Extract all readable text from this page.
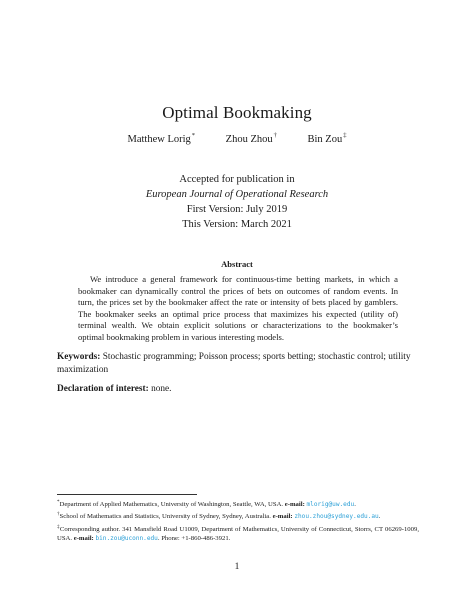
Optimal Bookmaking
Matthew Lorig*	Zhou Zhou†	Bin Zou‡
Accepted for publication in
European Journal of Operational Research
First Version: July 2019
This Version: March 2021
Abstract
We introduce a general framework for continuous-time betting markets, in which a bookmaker can dynamically control the prices of bets on outcomes of random events. In turn, the prices set by the bookmaker affect the rate or intensity of bets placed by gamblers. The bookmaker seeks an optimal price process that maximizes his expected (utility of) terminal wealth. We obtain explicit solutions or characterizations to the bookmaker’s optimal bookmaking problem in various interesting models.
Keywords: Stochastic programming; Poisson process; sports betting; stochastic control; utility maximization
Declaration of interest: none.

*Department of Applied Mathematics, University of Washington, Seattle, WA, USA. e-mail: mlorig@uw.edu.

†School of Mathematics and Statistics, University of Sydney, Sydney, Australia. e-mail: zhou.zhou@sydney.edu.au.

‡Corresponding author. 341 Mansfield Road U1009, Department of Mathematics, University of Connecticut, Storrs, CT 06269-1009, USA. e-mail: bin.zou@uconn.edu. Phone: +1-860-486-3921.

1
